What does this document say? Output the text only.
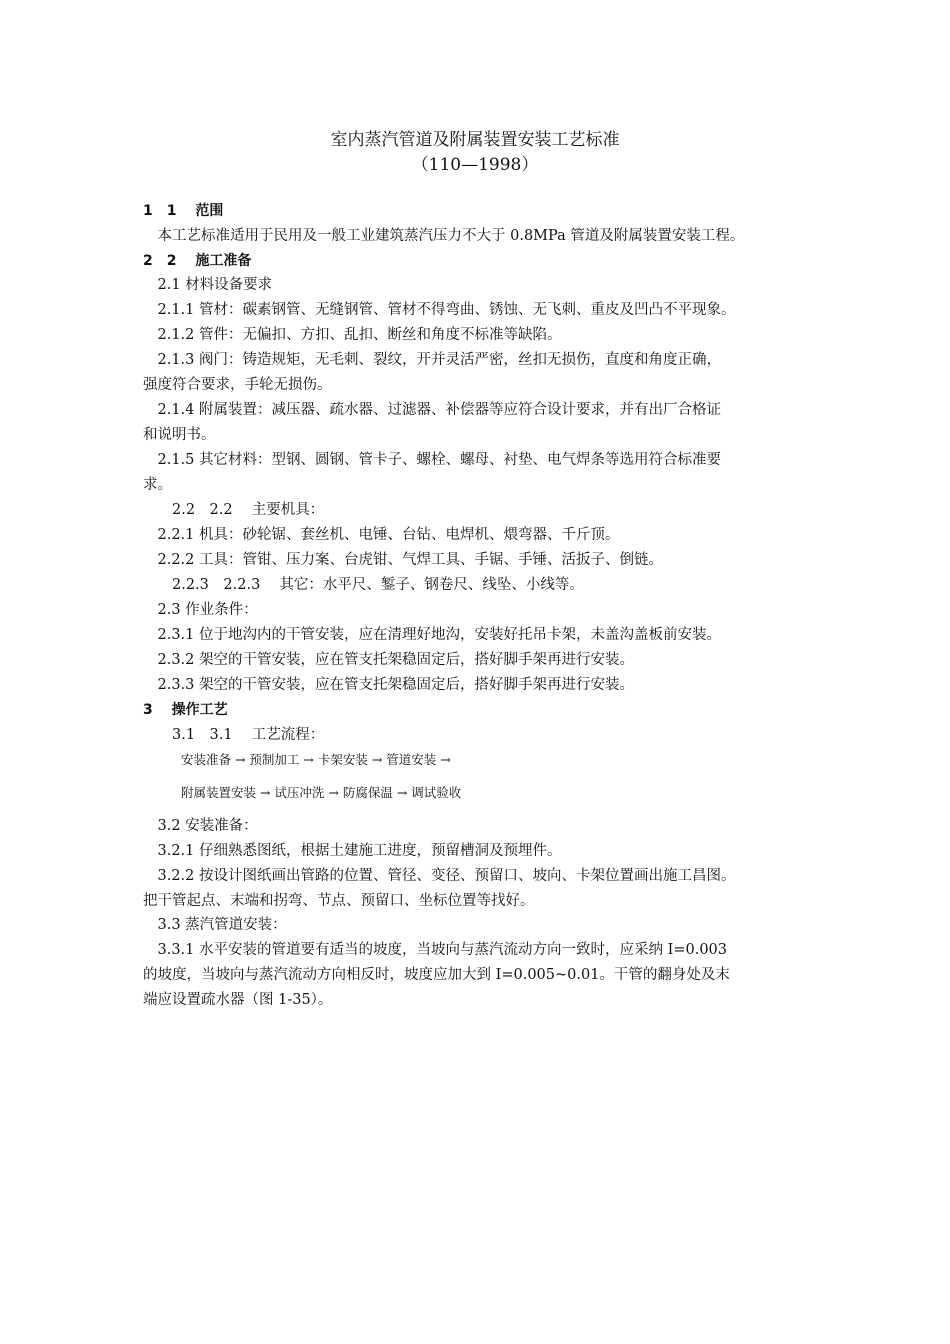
室内蒸汽管道及附属装置安装工艺标准
（110—1998）
1　1　 范围
　本工艺标准适用于民用及一般工业建筑蒸汽压力不大于 0.8MPa 管道及附属装置安装工程。
2　2　 施工准备
　2.1 材料设备要求
　2.1.1 管材：碳素钢管、无缝钢管、管材不得弯曲、锈蚀、无飞刺、重皮及凹凸不平现象。
　2.1.2 管件：无偏扣、方扣、乱扣、断丝和角度不标准等缺陷。
　2.1.3 阀门：铸造规矩，无毛刺、裂纹，开并灵活严密，丝扣无损伤，直度和角度正确，
强度符合要求，手轮无损伤。
　2.1.4 附属装置：减压器、疏水器、过滤器、补偿器等应符合设计要求，并有出厂合格证
和说明书。
　2.1.5 其它材料：型钢、圆钢、管卡子、螺栓、螺母、衬垫、电气焊条等选用符合标准要
求。
　　2.2　2.2　 主要机具：
　2.2.1 机具：砂轮锯、套丝机、电锤、台钻、电焊机、煨弯器、千斤顶。
　2.2.2 工具：管钳、压力案、台虎钳、气焊工具、手锯、手锤、活扳子、倒链。
　　2.2.3　2.2.3　 其它：水平尺、錾子、钢卷尺、线坠、小线等。
　2.3 作业条件：
　2.3.1 位于地沟内的干管安装，应在清理好地沟，安装好托吊卡架，未盖沟盖板前安装。
　2.3.2 架空的干管安装，应在管支托架稳固定后，搭好脚手架再进行安装。
　2.3.3 架空的干管安装，应在管支托架稳固定后，搭好脚手架再进行安装。
3　 操作工艺
　　3.1　3.1　 工艺流程：
安装准备 → 预制加工 → 卡架安装 → 管道安装 →
附属装置安装 → 试压冲洗 → 防腐保温 → 调试验收
　3.2 安装准备：
　3.2.1 仔细熟悉图纸，根据土建施工进度，预留槽洞及预埋件。
　3.2.2 按设计图纸画出管路的位置、管径、变径、预留口、坡向、卡架位置画出施工昌图。
把干管起点、末端和拐弯、节点、预留口、坐标位置等找好。
　3.3 蒸汽管道安装：
　3.3.1 水平安装的管道要有适当的坡度，当坡向与蒸汽流动方向一致时，应采纳 I=0.003
的坡度，当坡向与蒸汽流动方向相反时，坡度应加大到 I=0.005~0.01。干管的翻身处及末
端应设置疏水器（图 1-35）。
